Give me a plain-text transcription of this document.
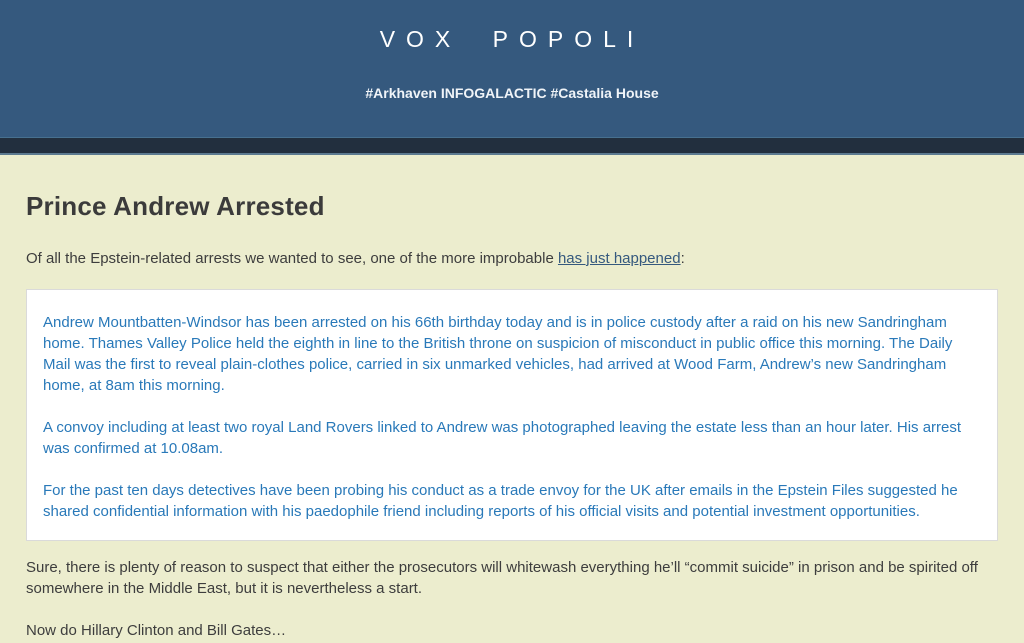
VOX POPOLI
#Arkhaven INFOGALACTIC #Castalia House
Prince Andrew Arrested

Of all the Epstein-related arrests we wanted to see, one of the more improbable has just happened:

Andrew Mountbatten-Windsor has been arrested on his 66th birthday today and is in police custody after a raid on his new Sandringham home. Thames Valley Police held the eighth in line to the British throne on suspicion of misconduct in public office this morning. The Daily Mail was the first to reveal plain-clothes police, carried in six unmarked vehicles, had arrived at Wood Farm, Andrew’s new Sandringham home, at 8am this morning.

A convoy including at least two royal Land Rovers linked to Andrew was photographed leaving the estate less than an hour later. His arrest was confirmed at 10.08am.

For the past ten days detectives have been probing his conduct as a trade envoy for the UK after emails in the Epstein Files suggested he shared confidential information with his paedophile friend including reports of his official visits and potential investment opportunities.

Sure, there is plenty of reason to suspect that either the prosecutors will whitewash everything he’ll “commit suicide” in prison and be spirited off somewhere in the Middle East, but it is nevertheless a start.

Now do Hillary Clinton and Bill Gates…
